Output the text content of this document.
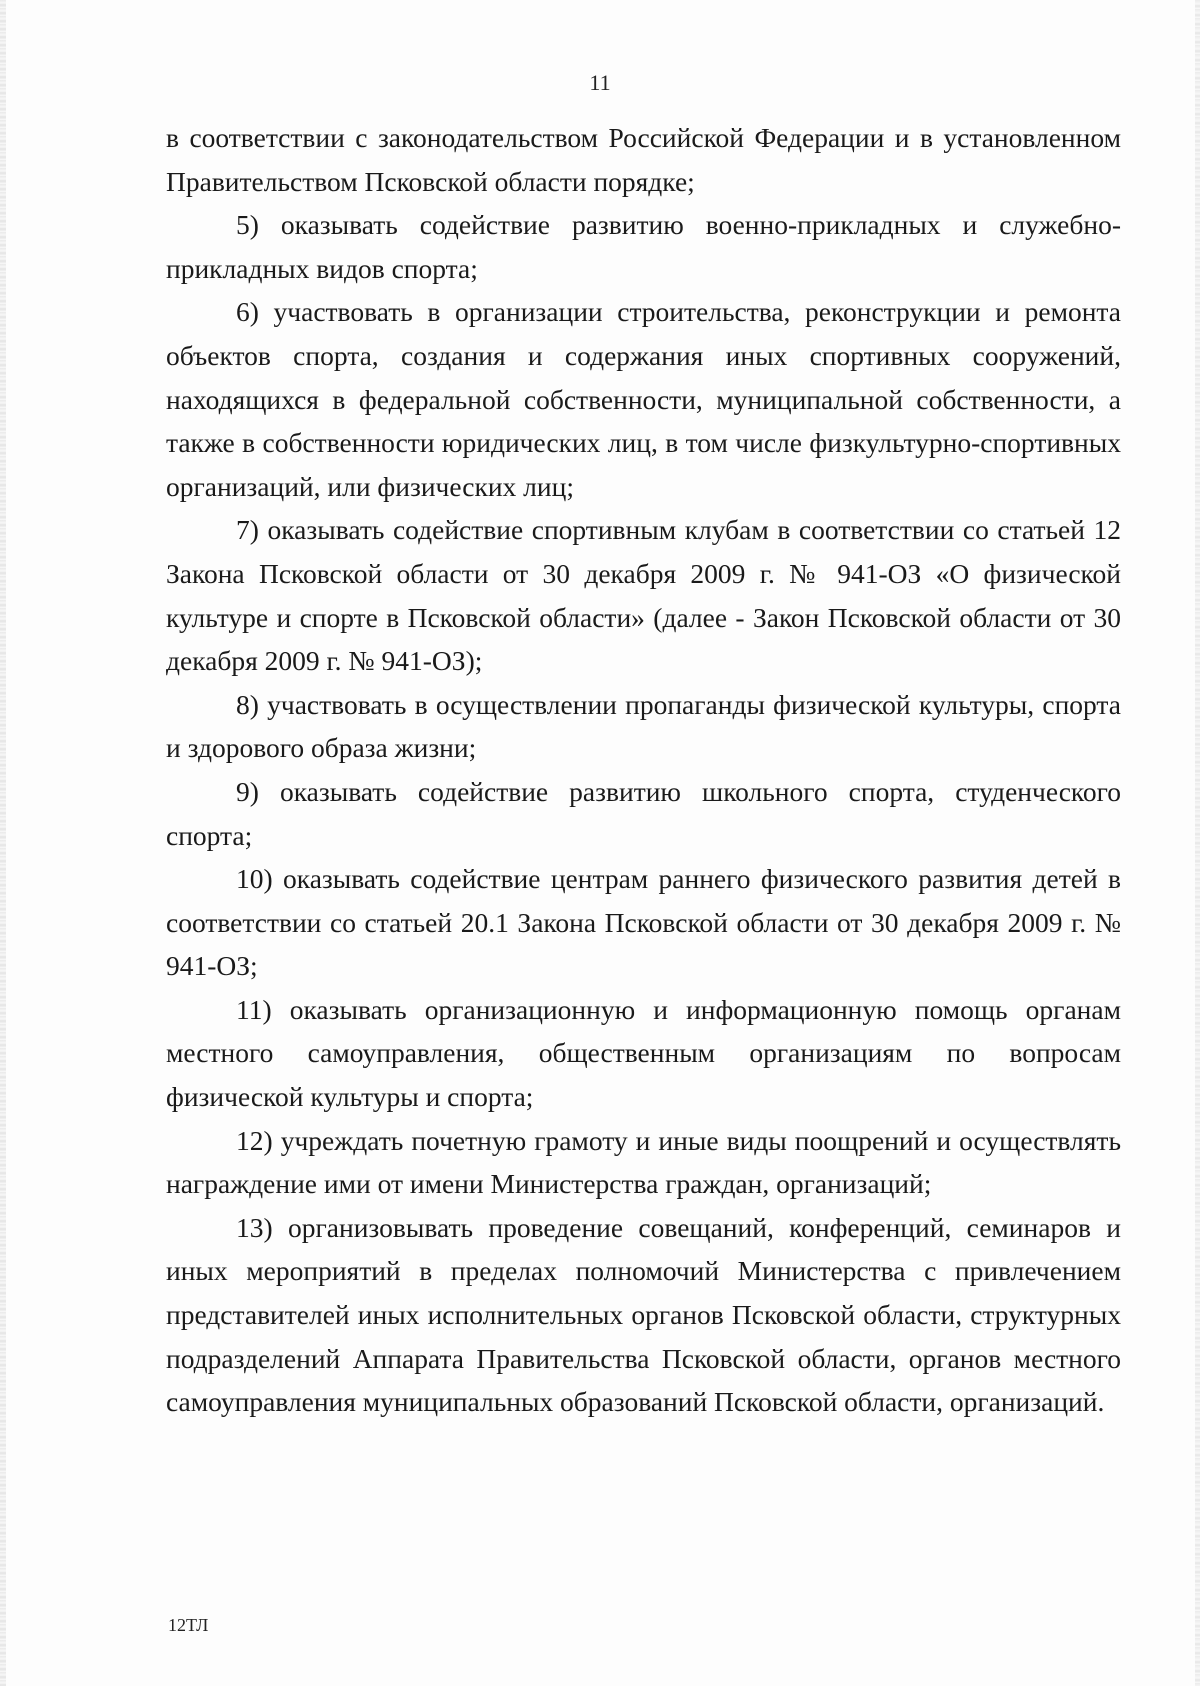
11

в соответствии с законодательством Российской Федерации и в установленном Правительством Псковской области порядке;

5) оказывать содействие развитию военно-прикладных и служебно-прикладных видов спорта;

6) участвовать в организации строительства, реконструкции и ремонта объектов спорта, создания и содержания иных спортивных сооружений, находящихся в федеральной собственности, муниципальной собственности, а также в собственности юридических лиц, в том числе физкультурно-спортивных организаций, или физических лиц;

7) оказывать содействие спортивным клубам в соответствии со статьей 12 Закона Псковской области от 30 декабря 2009 г. № 941-ОЗ «О физической культуре и спорте в Псковской области» (далее - Закон Псковской области от 30 декабря 2009 г. № 941-ОЗ);

8) участвовать в осуществлении пропаганды физической культуры, спорта и здорового образа жизни;

9) оказывать содействие развитию школьного спорта, студенческого спорта;

10) оказывать содействие центрам раннего физического развития детей в соответствии со статьей 20.1 Закона Псковской области от 30 декабря 2009 г. № 941-ОЗ;

11) оказывать организационную и информационную помощь органам местного самоуправления, общественным организациям по вопросам физической культуры и спорта;

12) учреждать почетную грамоту и иные виды поощрений и осуществлять награждение ими от имени Министерства граждан, организаций;

13) организовывать проведение совещаний, конференций, семинаров и иных мероприятий в пределах полномочий Министерства с привлечением представителей иных исполнительных органов Псковской области, структурных подразделений Аппарата Правительства Псковской области, органов местного самоуправления муниципальных образований Псковской области, организаций.

12ТЛ
